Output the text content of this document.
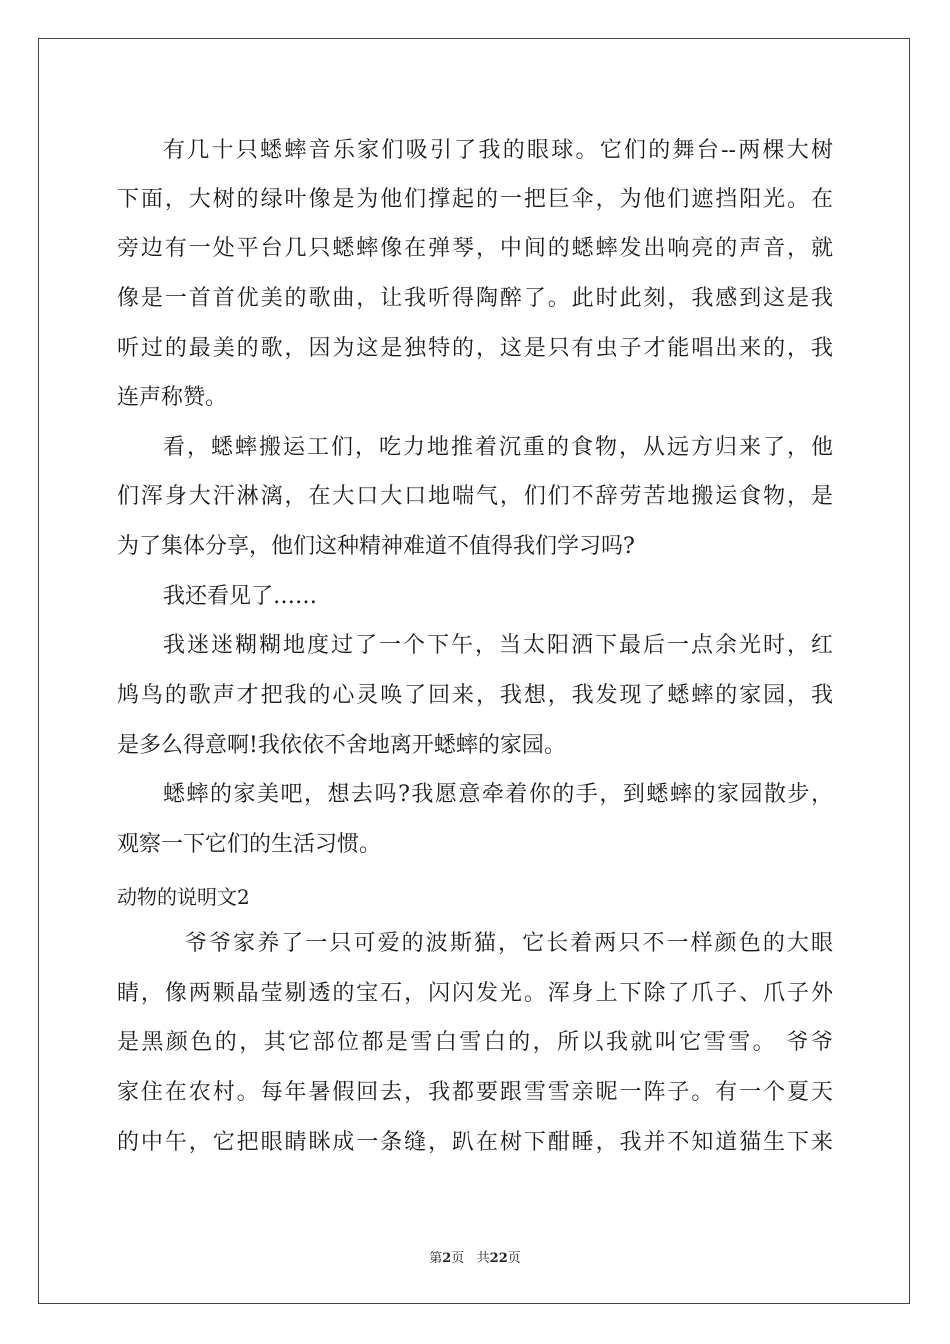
有几十只蟋蟀音乐家们吸引了我的眼球。它们的舞台--两棵大树
下面，大树的绿叶像是为他们撑起的一把巨伞，为他们遮挡阳光。在
旁边有一处平台几只蟋蟀像在弹琴，中间的蟋蟀发出响亮的声音，就
像是一首首优美的歌曲，让我听得陶醉了。此时此刻，我感到这是我
听过的最美的歌，因为这是独特的，这是只有虫子才能唱出来的，我
连声称赞。
看，蟋蟀搬运工们，吃力地推着沉重的食物，从远方归来了，他
们浑身大汗淋漓，在大口大口地喘气，们们不辞劳苦地搬运食物，是
为了集体分享，他们这种精神难道不值得我们学习吗?
我还看见了……
我迷迷糊糊地度过了一个下午，当太阳洒下最后一点余光时，红
鸠鸟的歌声才把我的心灵唤了回来，我想，我发现了蟋蟀的家园，我
是多么得意啊!我依依不舍地离开蟋蟀的家园。
蟋蟀的家美吧，想去吗?我愿意牵着你的手，到蟋蟀的家园散步，
观察一下它们的生活习惯。
动物的说明文2
爷爷家养了一只可爱的波斯猫，它长着两只不一样颜色的大眼
睛，像两颗晶莹剔透的宝石，闪闪发光。浑身上下除了爪子、爪子外
是黑颜色的，其它部位都是雪白雪白的，所以我就叫它雪雪。 爷爷
家住在农村。每年暑假回去，我都要跟雪雪亲昵一阵子。有一个夏天
的中午，它把眼睛眯成一条缝，趴在树下酣睡，我并不知道猫生下来
第2页   共22页
